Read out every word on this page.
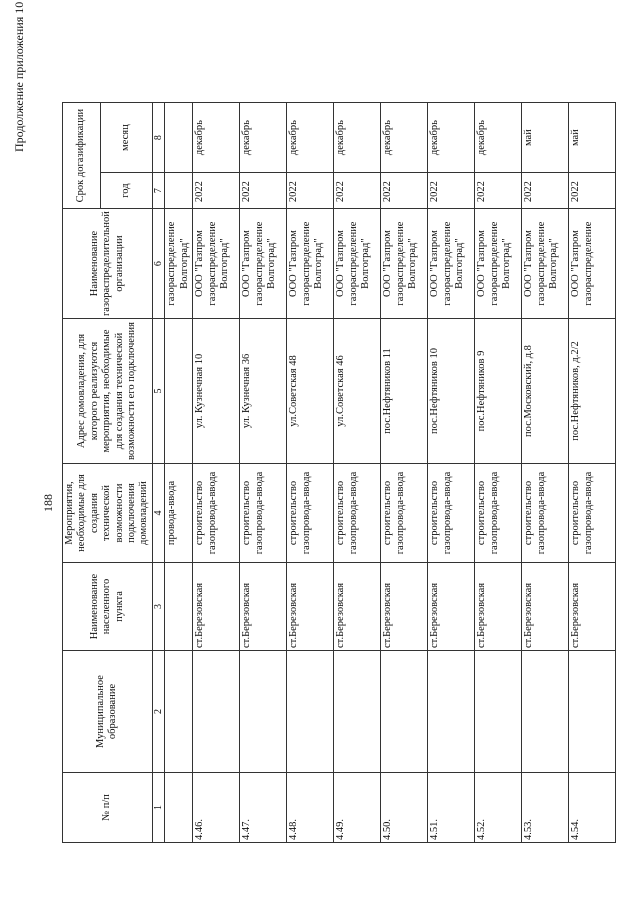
188
Продолжение приложения 10
№ п/п	Муниципальное образование	Наименование населенного пункта	Мероприятия, необходимые для создания технической возможности подключения домовладений	Адрес домовладения, для которого реализуются мероприятия, необходимые для создания технической возможности его подключения	Наименование газораспределительной организации	Срок догазификации	
						год	месяц
1	2	3	4	5	6	7	8
			провода-ввода		газораспределение Волгоград"		
4.46.		ст.Березовская	строительство газопровода-ввода	ул. Кузнечная 10	ООО "Газпром газораспределение Волгоград"	2022	декабрь
4.47.		ст.Березовская	строительство газопровода-ввода	ул. Кузнечная 36	ООО "Газпром газораспределение Волгоград"	2022	декабрь
4.48.		ст.Березовская	строительство газопровода-ввода	ул.Советская 48	ООО "Газпром газораспределение Волгоград"	2022	декабрь
4.49.		ст.Березовская	строительство газопровода-ввода	ул.Советская 46	ООО "Газпром газораспределение Волгоград"	2022	декабрь
4.50.		ст.Березовская	строительство газопровода-ввода	пос.Нефтяников 11	ООО "Газпром газораспределение Волгоград"	2022	декабрь
4.51.		ст.Березовская	строительство газопровода-ввода	пос.Нефтяников 10	ООО "Газпром газораспределение Волгоград"	2022	декабрь
4.52.		ст.Березовская	строительство газопровода-ввода	пос.Нефтяников 9	ООО "Газпром газораспределение Волгоград"	2022	декабрь
4.53.		ст.Березовская	строительство газопровода-ввода	пос.Московский, д.8	ООО "Газпром газораспределение Волгоград"	2022	май
4.54.		ст.Березовская	строительство газопровода-ввода	пос.Нефтяников, д.2/2	ООО "Газпром газораспределение	2022	май
